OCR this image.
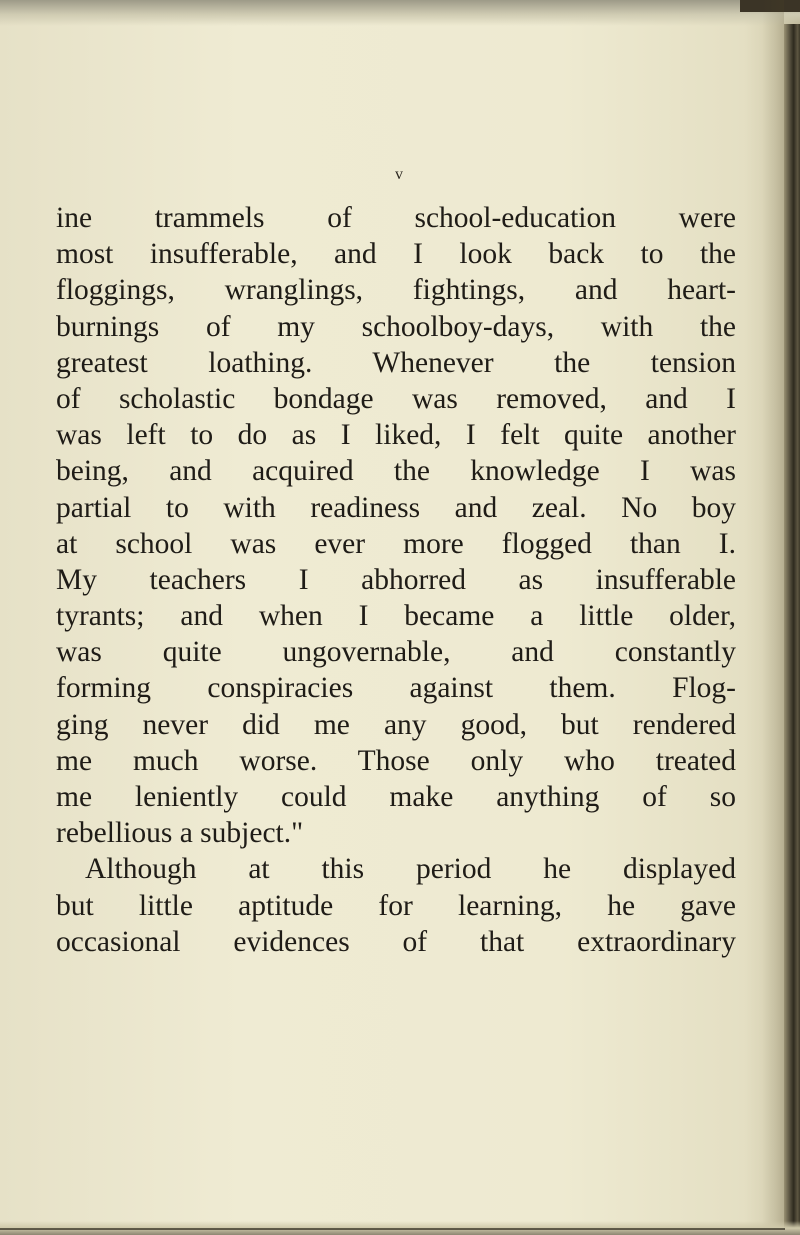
v
ine trammels of school-education were
most insufferable, and I look back to the
floggings, wranglings, fightings, and heart-
burnings of my schoolboy-days, with the
greatest loathing. Whenever the tension
of scholastic bondage was removed, and I
was left to do as I liked, I felt quite another
being, and acquired the knowledge I was
partial to with readiness and zeal. No boy
at school was ever more flogged than I.
My teachers I abhorred as insufferable
tyrants; and when I became a little older,
was quite ungovernable, and constantly
forming conspiracies against them. Flog-
ging never did me any good, but rendered
me much worse. Those only who treated
me leniently could make anything of so
rebellious a subject."
Although at this period he displayed
but little aptitude for learning, he gave
occasional evidences of that extraordinary
